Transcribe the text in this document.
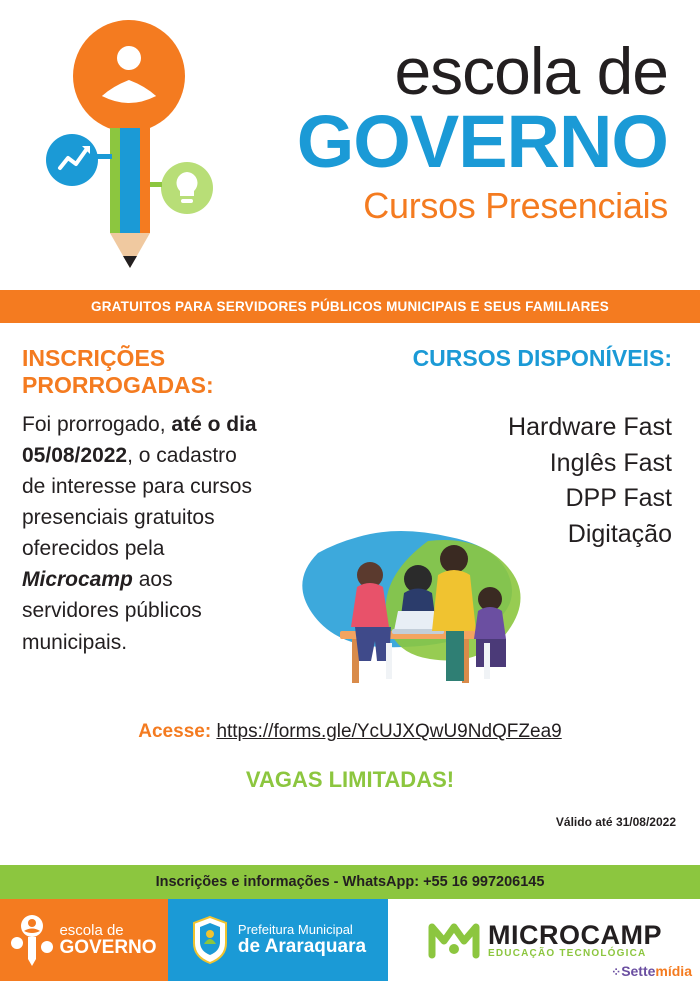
escola de
GOVERNO
Cursos Presenciais
GRATUITOS PARA SERVIDORES PÚBLICOS MUNICIPAIS E SEUS FAMILIARES
INSCRIÇÕES PRORROGADAS:
Foi prorrogado, até o dia 05/08/2022, o cadastro de interesse para cursos presenciais gratuitos oferecidos pela Microcamp aos servidores públicos municipais.
CURSOS DISPONÍVEIS:
Hardware Fast
Inglês Fast
DPP Fast
Digitação
Acesse: https://forms.gle/YcUJXQwU9NdQFZea9
VAGAS LIMITADAS!
Válido até 31/08/2022
Inscrições e informações - WhatsApp: +55 16 997206145
escola de
GOVERNO
Prefeitura Municipal
de Araraquara	MICROCAMP
EDUCAÇÃO TECNOLÓGICA
⁘ Settemídia
